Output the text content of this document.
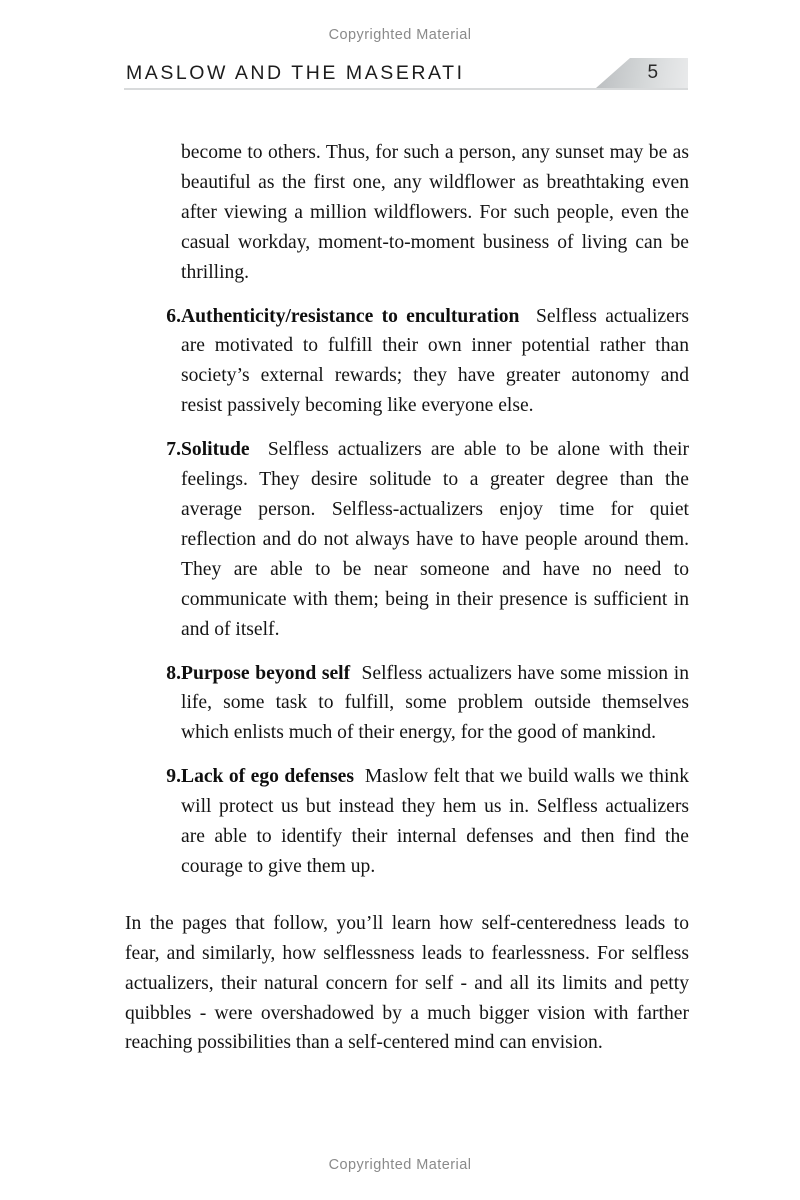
Copyrighted Material
MASLOW AND THE MASERATI	5

become to others. Thus, for such a person, any sunset may be as beautiful as the first one, any wildflower as breathtaking even after viewing a million wildflowers. For such people, even the casual workday, moment-to-moment business of living can be thrilling.

6. Authenticity/resistance to enculturation Selfless actualizers are motivated to fulfill their own inner potential rather than society’s external rewards; they have greater autonomy and resist passively becoming like everyone else.

7. Solitude Selfless actualizers are able to be alone with their feelings. They desire solitude to a greater degree than the average person. Selfless-actualizers enjoy time for quiet reflection and do not always have to have people around them. They are able to be near someone and have no need to communicate with them; being in their presence is sufficient in and of itself.

8. Purpose beyond self Selfless actualizers have some mission in life, some task to fulfill, some problem outside themselves which enlists much of their energy, for the good of mankind.

9. Lack of ego defenses Maslow felt that we build walls we think will protect us but instead they hem us in. Selfless actualizers are able to identify their internal defenses and then find the courage to give them up.

In the pages that follow, you’ll learn how self-centeredness leads to fear, and similarly, how selflessness leads to fearlessness. For selfless actualizers, their natural concern for self - and all its limits and petty quibbles - were overshadowed by a much bigger vision with farther reaching possibilities than a self-centered mind can envision.

Copyrighted Material
